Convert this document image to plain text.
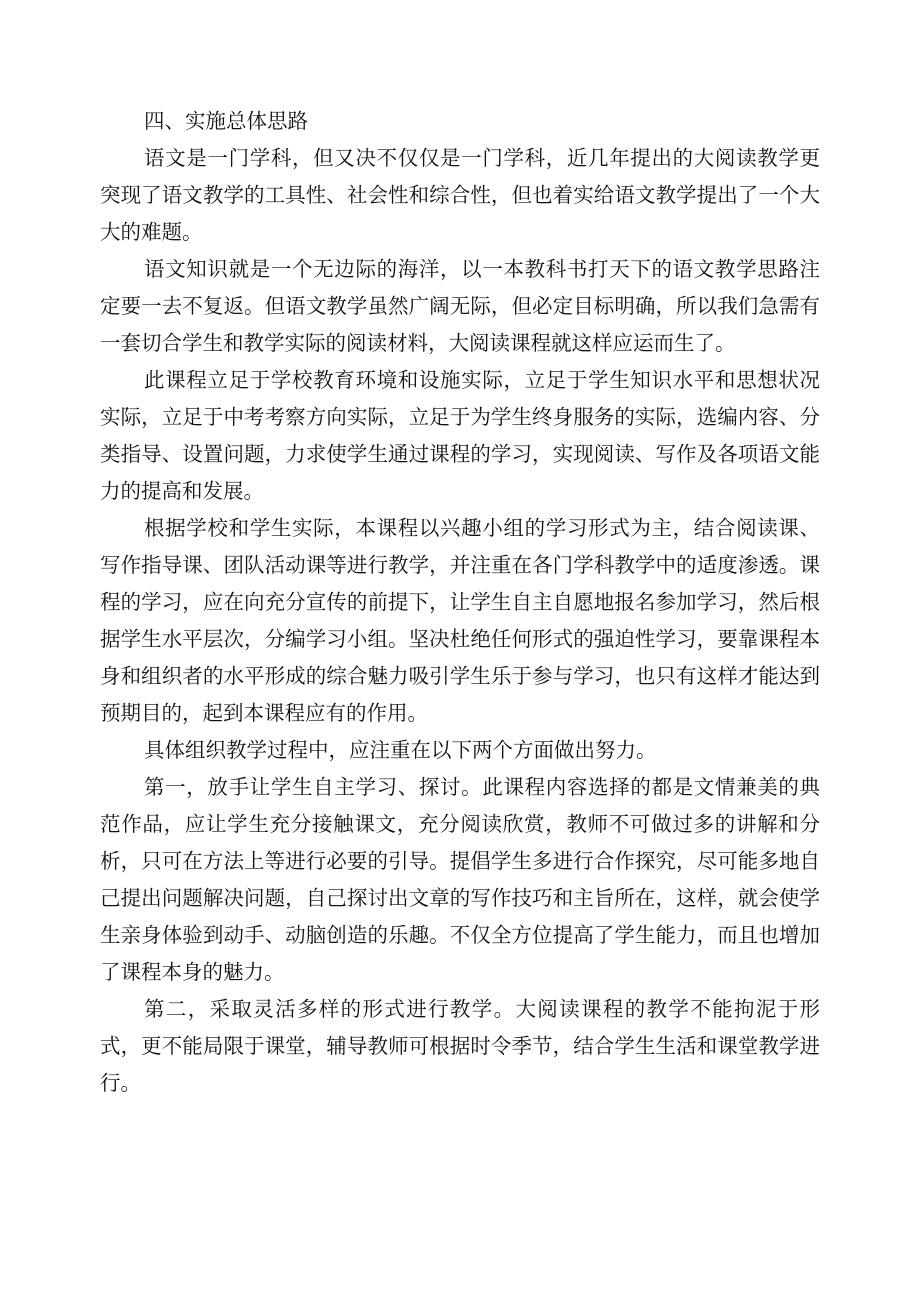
四、实施总体思路

语文是一门学科，但又决不仅仅是一门学科，近几年提出的大阅读教学更突现了语文教学的工具性、社会性和综合性，但也着实给语文教学提出了一个大大的难题。

语文知识就是一个无边际的海洋，以一本教科书打天下的语文教学思路注定要一去不复返。但语文教学虽然广阔无际，但必定目标明确，所以我们急需有一套切合学生和教学实际的阅读材料，大阅读课程就这样应运而生了。

此课程立足于学校教育环境和设施实际，立足于学生知识水平和思想状况实际，立足于中考考察方向实际，立足于为学生终身服务的实际，选编内容、分类指导、设置问题，力求使学生通过课程的学习，实现阅读、写作及各项语文能力的提高和发展。

根据学校和学生实际，本课程以兴趣小组的学习形式为主，结合阅读课、写作指导课、团队活动课等进行教学，并注重在各门学科教学中的适度渗透。课程的学习，应在向充分宣传的前提下，让学生自主自愿地报名参加学习，然后根据学生水平层次，分编学习小组。坚决杜绝任何形式的强迫性学习，要靠课程本身和组织者的水平形成的综合魅力吸引学生乐于参与学习，也只有这样才能达到预期目的，起到本课程应有的作用。

具体组织教学过程中，应注重在以下两个方面做出努力。

第一，放手让学生自主学习、探讨。此课程内容选择的都是文情兼美的典范作品，应让学生充分接触课文，充分阅读欣赏，教师不可做过多的讲解和分析，只可在方法上等进行必要的引导。提倡学生多进行合作探究，尽可能多地自己提出问题解决问题，自己探讨出文章的写作技巧和主旨所在，这样，就会使学生亲身体验到动手、动脑创造的乐趣。不仅全方位提高了学生能力，而且也增加了课程本身的魅力。

第二，采取灵活多样的形式进行教学。大阅读课程的教学不能拘泥于形式，更不能局限于课堂，辅导教师可根据时令季节，结合学生生活和课堂教学进行。
